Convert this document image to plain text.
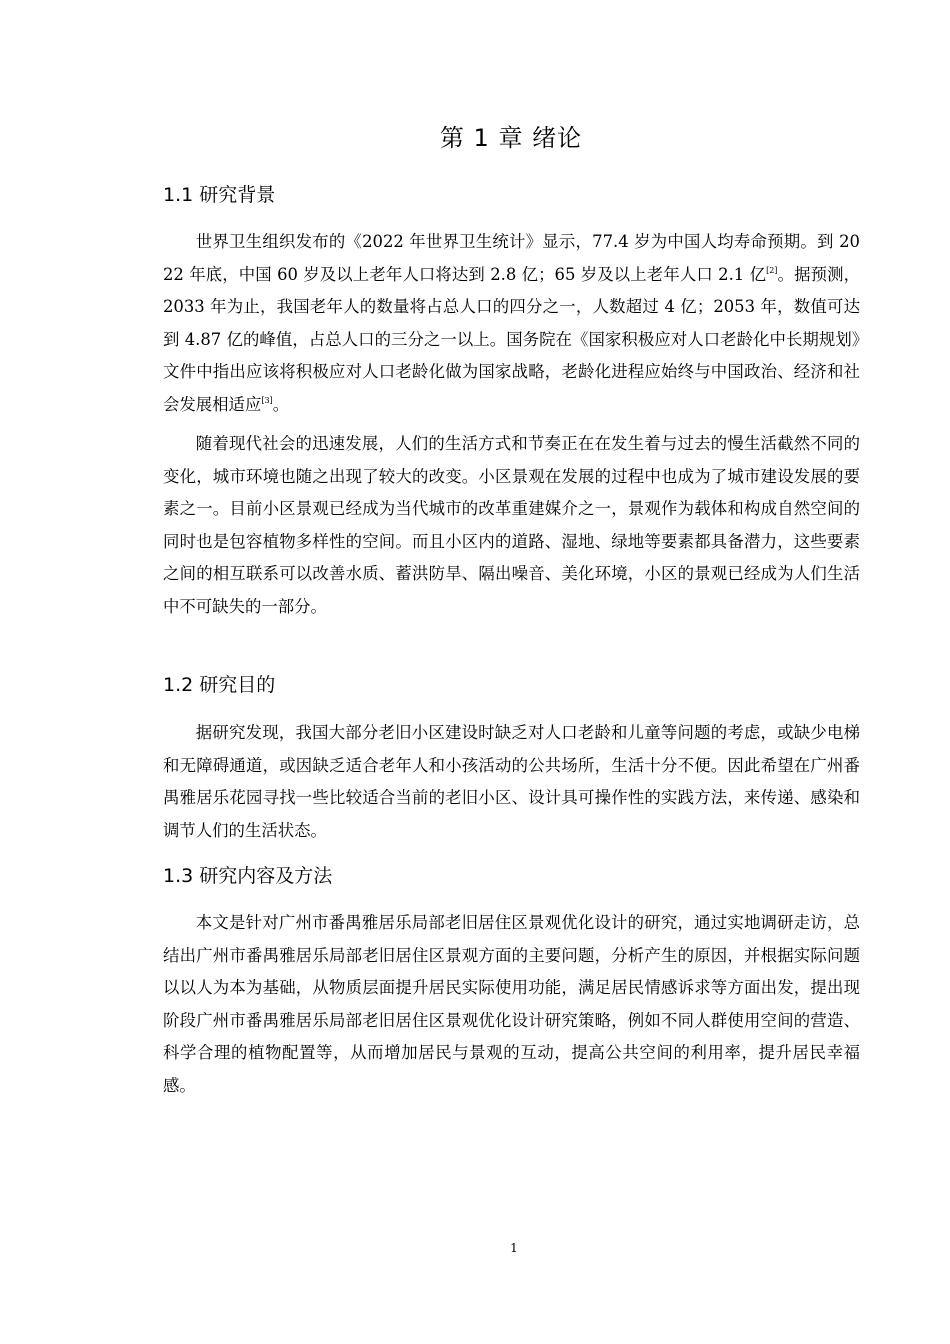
第 1 章 绪论
1.1 研究背景

世界卫生组织发布的《2022 年世界卫生统计》显示，77.4 岁为中国人均寿命预期。到 2022 年底，中国 60 岁及以上老年人口将达到 2.8 亿；65 岁及以上老年人口 2.1 亿[2]。据预测，2033 年为止，我国老年人的数量将占总人口的四分之一，人数超过 4 亿；2053 年，数值可达到 4.87 亿的峰值，占总人口的三分之一以上。国务院在《国家积极应对人口老龄化中长期规划》文件中指出应该将积极应对人口老龄化做为国家战略，老龄化进程应始终与中国政治、经济和社会发展相适应[3]。

随着现代社会的迅速发展，人们的生活方式和节奏正在在发生着与过去的慢生活截然不同的变化，城市环境也随之出现了较大的改变。小区景观在发展的过程中也成为了城市建设发展的要素之一。目前小区景观已经成为当代城市的改革重建媒介之一，景观作为载体和构成自然空间的同时也是包容植物多样性的空间。而且小区内的道路、湿地、绿地等要素都具备潜力，这些要素之间的相互联系可以改善水质、蓄洪防旱、隔出噪音、美化环境，小区的景观已经成为人们生活中不可缺失的一部分。

1.2 研究目的

据研究发现，我国大部分老旧小区建设时缺乏对人口老龄和儿童等问题的考虑，或缺少电梯和无障碍通道，或因缺乏适合老年人和小孩活动的公共场所，生活十分不便。因此希望在广州番禺雅居乐花园寻找一些比较适合当前的老旧小区、设计具可操作性的实践方法，来传递、感染和调节人们的生活状态。

1.3 研究内容及方法

本文是针对广州市番禺雅居乐局部老旧居住区景观优化设计的研究，通过实地调研走访，总结出广州市番禺雅居乐局部老旧居住区景观方面的主要问题，分析产生的原因，并根据实际问题以以人为本为基础，从物质层面提升居民实际使用功能，满足居民情感诉求等方面出发，提出现阶段广州市番禺雅居乐局部老旧居住区景观优化设计研究策略，例如不同人群使用空间的营造、科学合理的植物配置等，从而增加居民与景观的互动，提高公共空间的利用率，提升居民幸福感。

1
